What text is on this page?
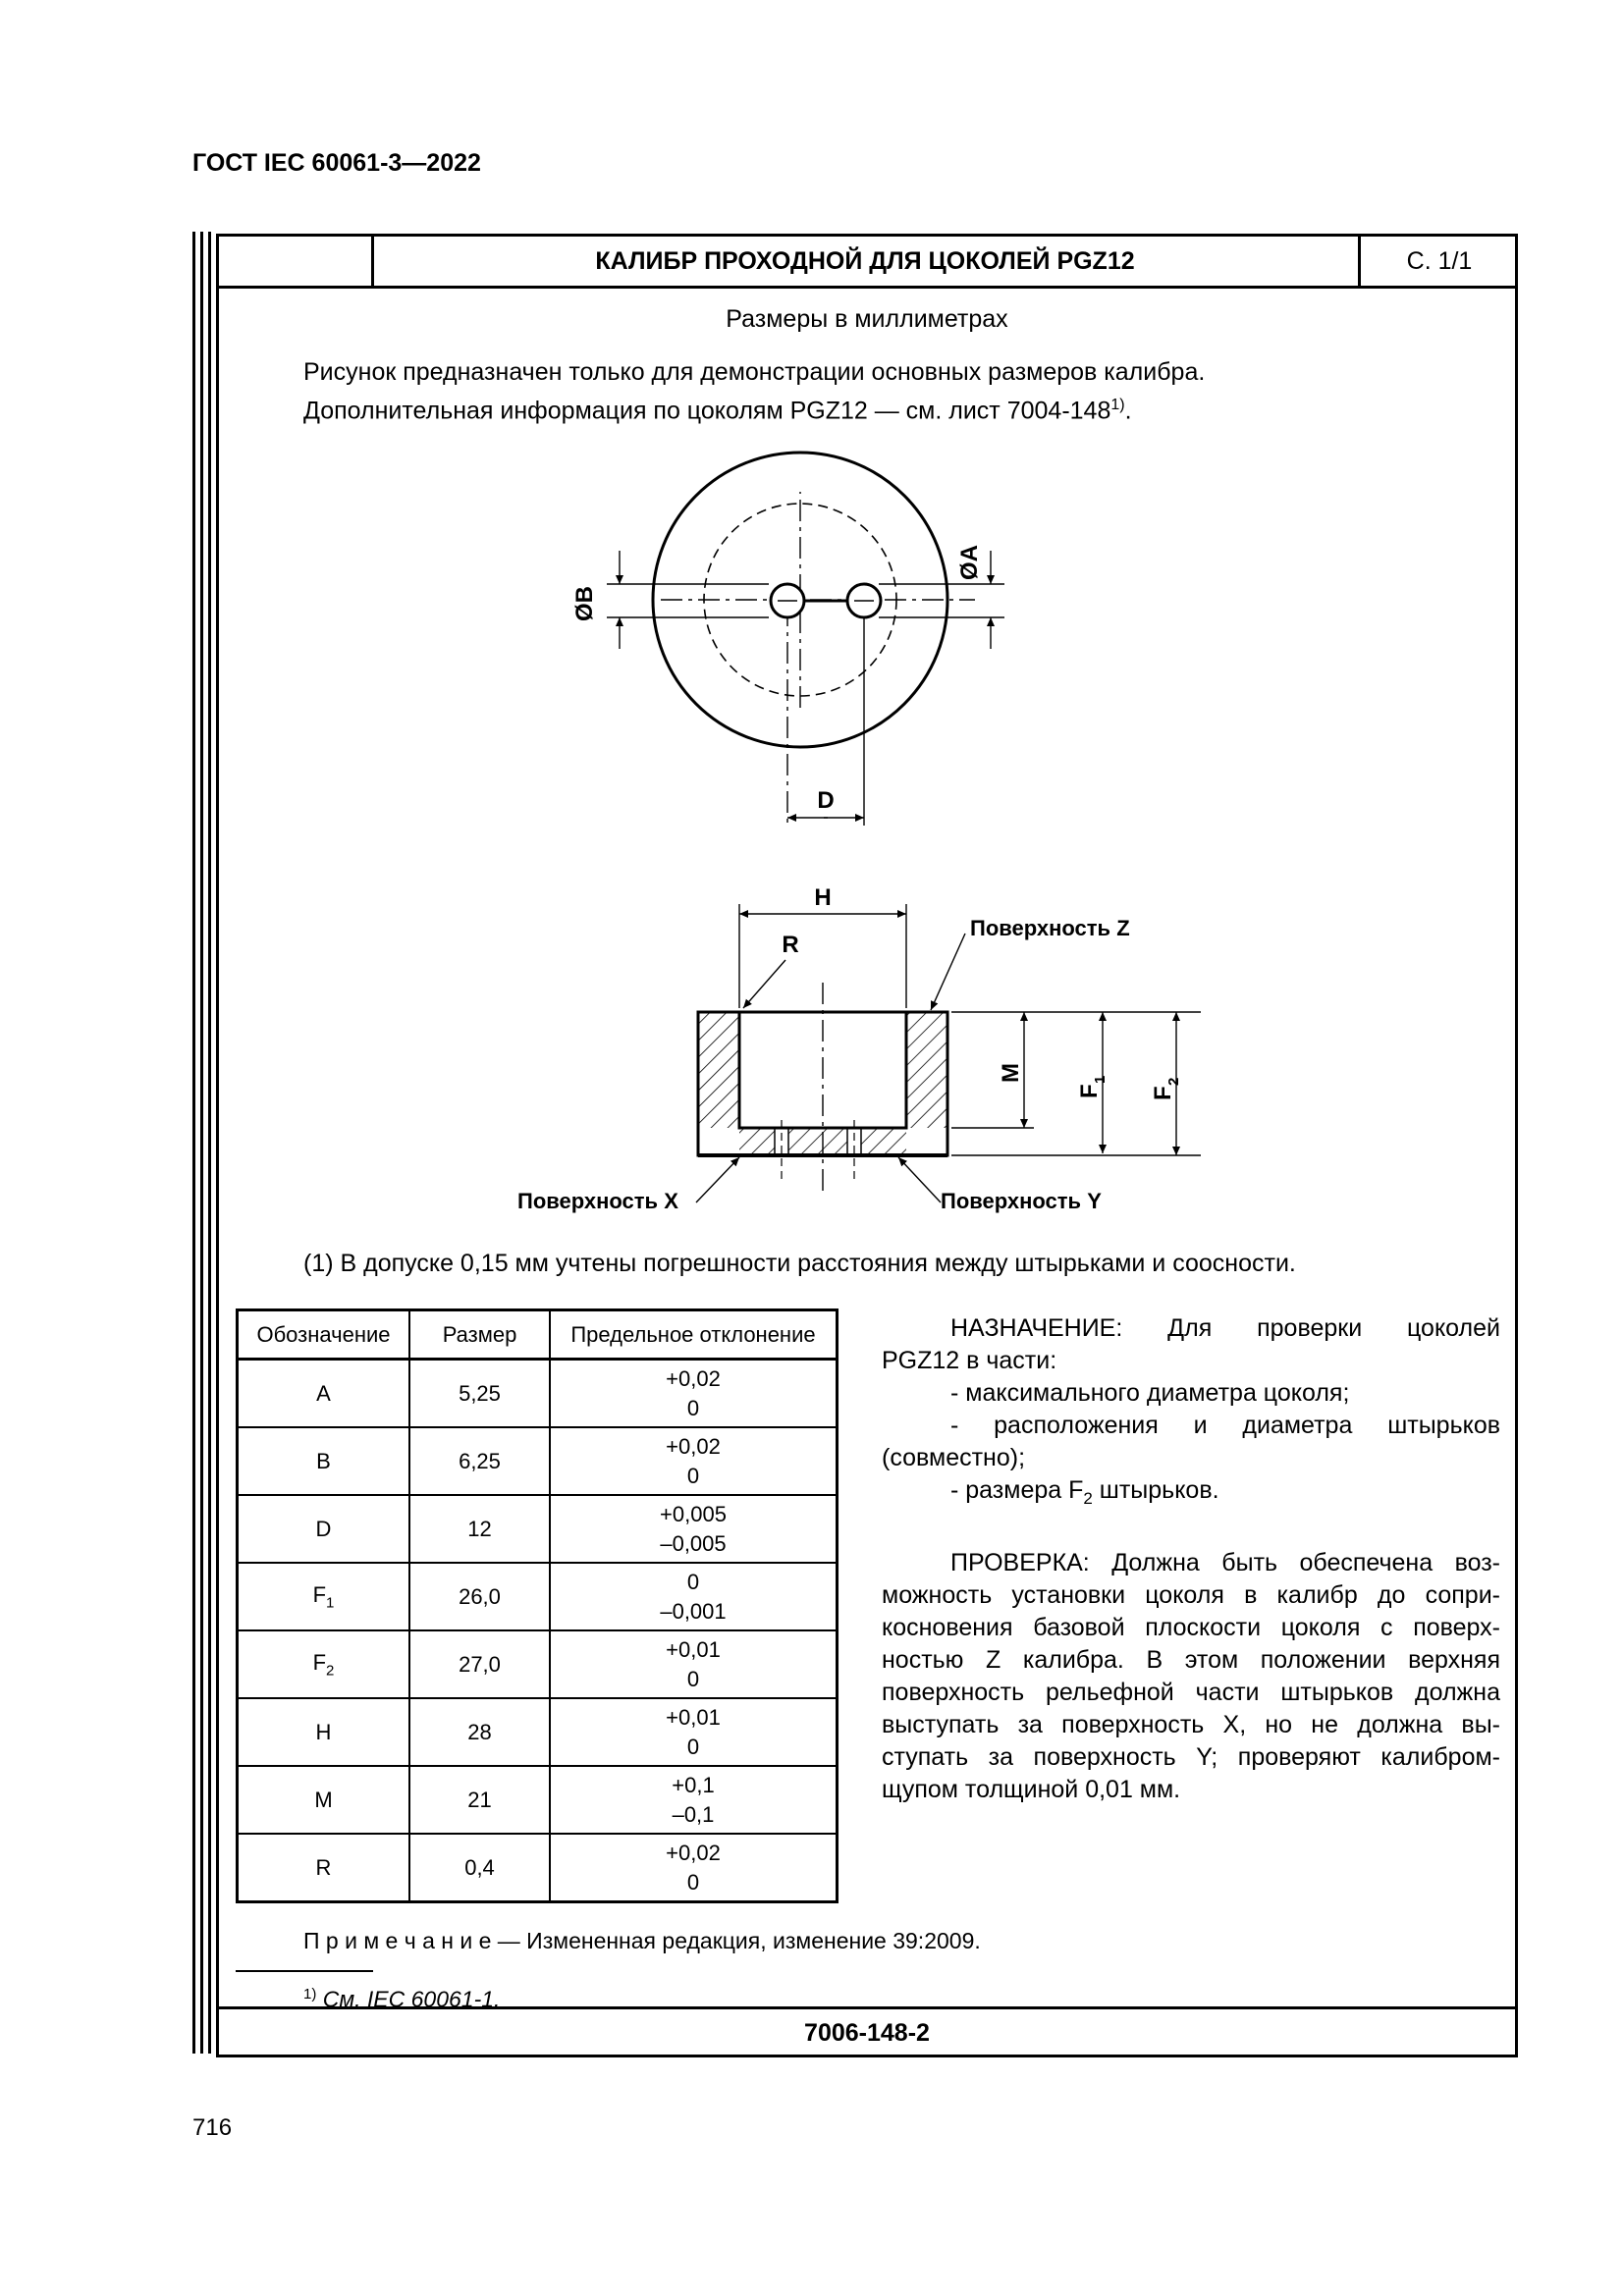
ГОСТ IEC 60061-3—2022
КАЛИБР ПРОХОДНОЙ ДЛЯ ЦОКОЛЕЙ PGZ12	С. 1/1
Размеры в миллиметрах

Рисунок предназначен только для демонстрации основных размеров калибра.

Дополнительная информация по цоколям PGZ12 — см. лист 7004-148$^{1)}$.

ØB
ØA
D
H
R
Поверхность Z
M
F
1
F
2
Поверхность X	Поверхность Y
(1) В допуске 0,15 мм учтены погрешности расстояния между штырьками и соосности.
Обозначение	Размер	Предельное отклонение
A	5,25	+0,02
0

B	6,25	+0,02
0

D	12	+0,005
–0,005

$F_1$	26,0	0
–0,001

$F_2$	27,0	+0,01
0

H	28	+0,01
0

M	21	+0,1
–0,1

R	0,4	+0,02
0

НАЗНАЧЕНИЕ: Для проверки цоколей

PGZ12 в части:

- максимального диаметра цоколя;

- расположения и диаметра штырьков

(совместно);

- размера $F_2$ штырьков.

ПРОВЕРКА: Должна быть обеспечена воз-

можность установки цоколя в калибр до сопри-

косновения базовой плоскости цоколя с поверх-

ностью Z калибра. В этом положении верхняя

поверхность рельефной части штырьков должна

выступать за поверхность X, но не должна вы-

ступать за поверхность Y; проверяют калибром-

щупом толщиной 0,01 мм.

П р и м е ч а н и е — Измененная редакция, изменение 39:2009.
$^{1)}$ См. IEC 60061-1.
7006-148-2
716
